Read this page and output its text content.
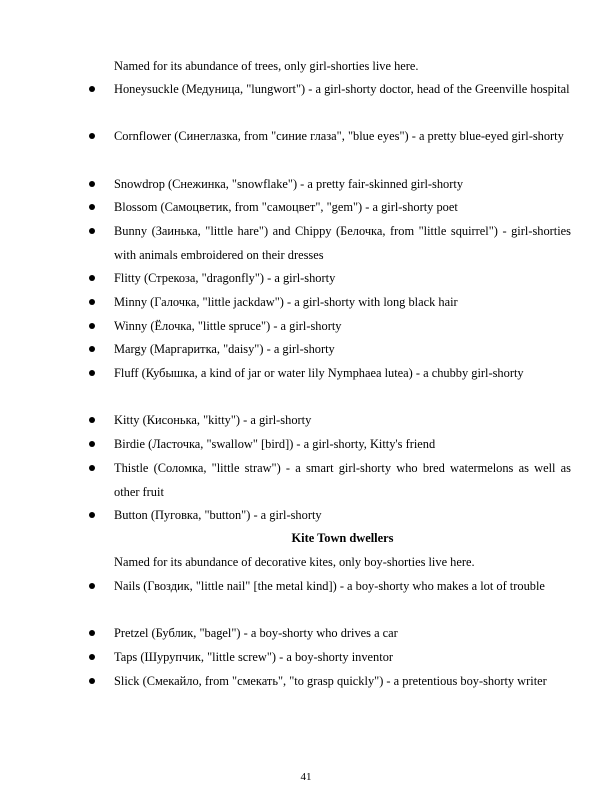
Named for its abundance of trees, only girl-shorties live here.
Honeysuckle (Медуница, "lungwort") - a girl-shorty doctor, head of the Greenville hospital
Cornflower (Синеглазка, from "синие глаза", "blue eyes") - a pretty blue-eyed girl-shorty
Snowdrop (Снежинка, "snowflake") - a pretty fair-skinned girl-shorty
Blossom (Самоцветик, from "самоцвет", "gem") - a girl-shorty poet
Bunny (Заинька, "little hare") and Chippy (Белочка, from "little squirrel") - girl-shorties with animals embroidered on their dresses
Flitty (Стрекоза, "dragonfly") - a girl-shorty
Minny (Галочка, "little jackdaw") - a girl-shorty with long black hair
Winny (Ёлочка, "little spruce") - a girl-shorty
Margy (Маргаритка, "daisy") - a girl-shorty
Fluff (Кубышка, a kind of jar or water lily Nymphaea lutea) - a chubby girl-shorty
Kitty (Кисонька, "kitty") - a girl-shorty
Birdie (Ласточка, "swallow" [bird]) - a girl-shorty, Kitty's friend
Thistle (Соломка, "little straw") - a smart girl-shorty who bred watermelons as well as other fruit
Button (Пуговка, "button") - a girl-shorty
Kite Town dwellers
Named for its abundance of decorative kites, only boy-shorties live here.
Nails (Гвоздик, "little nail" [the metal kind]) - a boy-shorty who makes a lot of trouble
Pretzel (Бублик, "bagel") - a boy-shorty who drives a car
Taps (Шурупчик, "little screw") - a boy-shorty inventor
Slick (Смекайло, from "смекать", "to grasp quickly") - a pretentious boy-shorty writer
41
